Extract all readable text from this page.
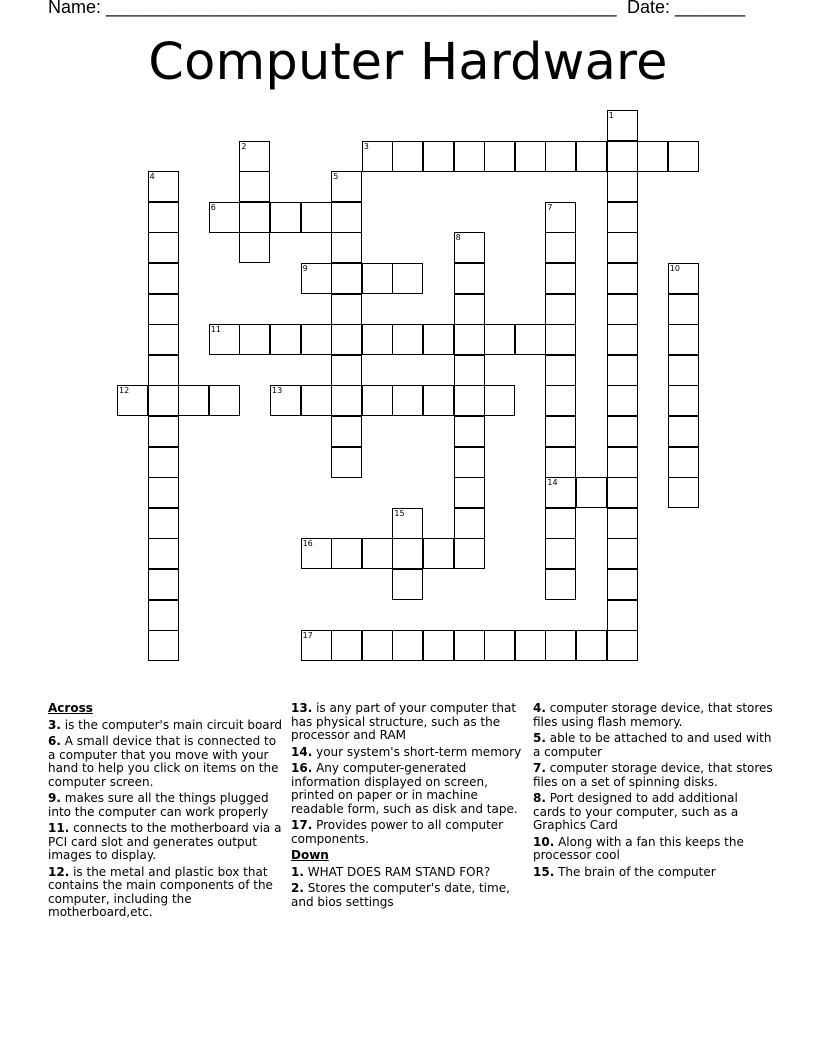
Name: ___________________________________________________ Date: _______
Computer Hardware
1
3
6
9
11
12	13
14
16
17
2
4	5
7
8
10
15
Across
3. is the computer's main circuit board
6. A small device that is connected to a computer that you move with your hand to help you click on items on the computer screen.
9. makes sure all the things plugged into the computer can work properly
11. connects to the motherboard via a PCI card slot and generates output images to display.
12. is the metal and plastic box that contains the main components of the computer, including the motherboard,etc.
13. is any part of your computer that has physical structure, such as the processor and RAM
14. your system's short-term memory
16. Any computer-generated information displayed on screen, printed on paper or in machine readable form, such as disk and tape.
17. Provides power to all computer components.
Down
1. WHAT DOES RAM STAND FOR?
2. Stores the computer's date, time, and bios settings
4. computer storage device, that stores files using flash memory.
5. able to be attached to and used with a computer
7. computer storage device, that stores files on a set of spinning disks.
8. Port designed to add additional cards to your computer, such as a Graphics Card
10. Along with a fan this keeps the processor cool
15. The brain of the computer
